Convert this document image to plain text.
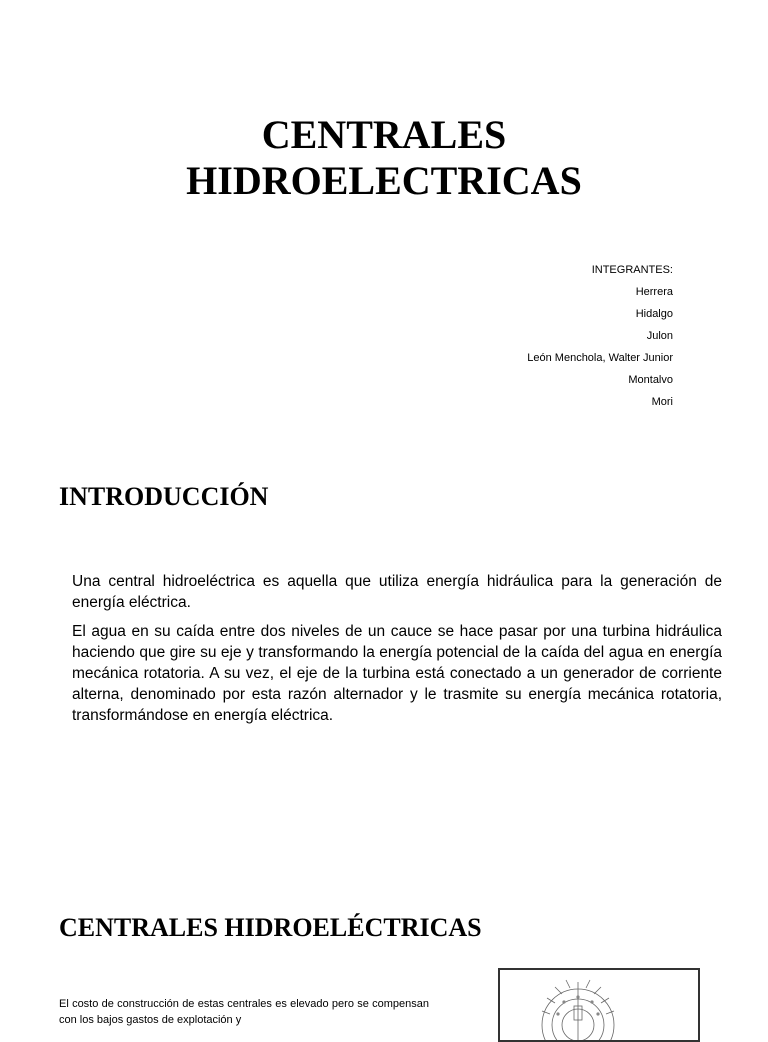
CENTRALES
HIDROELECTRICAS
INTEGRANTES:
Herrera
Hidalgo
Julon
León Menchola, Walter Junior
Montalvo
Mori
INTRODUCCIÓN

Una central hidroeléctrica es aquella que utiliza energía hidráulica para la generación de energía eléctrica.

El agua en su caída entre dos niveles de un cauce se hace pasar por una turbina hidráulica haciendo que gire su eje y transformando la energía potencial de la caída del agua en energía mecánica rotatoria. A su vez, el eje de la turbina está conectado a un generador de corriente alterna, denominado por esta razón alternador y le trasmite su energía mecánica rotatoria, transformándose en energía eléctrica.

CENTRALES HIDROELÉCTRICAS
El costo de construcción de estas centrales es elevado pero se compensan con los bajos gastos de explotación y
